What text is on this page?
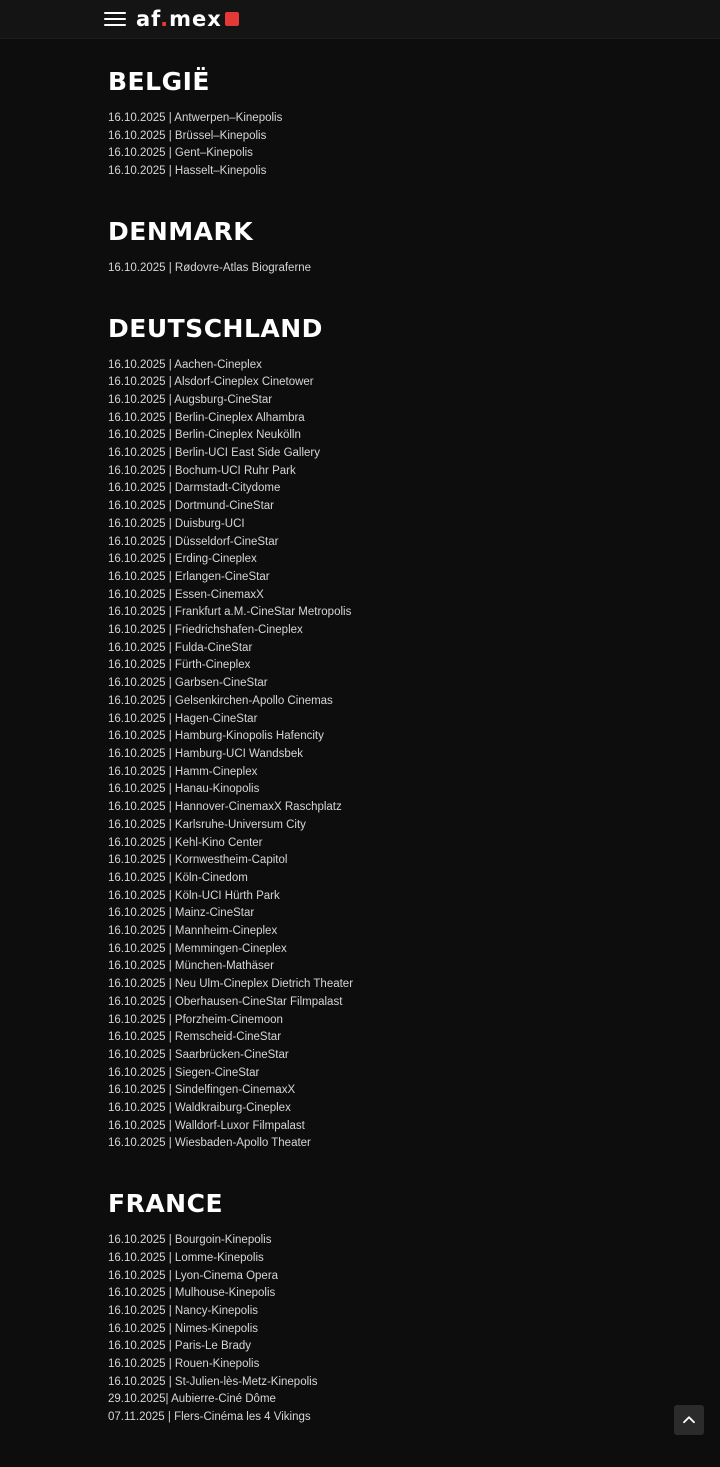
af.mex
BELGIË
16.10.2025 | Antwerpen–Kinepolis
16.10.2025 | Brüssel–Kinepolis
16.10.2025 | Gent–Kinepolis
16.10.2025 | Hasselt–Kinepolis
DENMARK
16.10.2025 | Rødovre-Atlas Biograferne
DEUTSCHLAND
16.10.2025 | Aachen-Cineplex
16.10.2025 | Alsdorf-Cineplex Cinetower
16.10.2025 | Augsburg-CineStar
16.10.2025 | Berlin-Cineplex Alhambra
16.10.2025 | Berlin-Cineplex Neukölln
16.10.2025 | Berlin-UCI East Side Gallery
16.10.2025 | Bochum-UCI Ruhr Park
16.10.2025 | Darmstadt-Citydome
16.10.2025 | Dortmund-CineStar
16.10.2025 | Duisburg-UCI
16.10.2025 | Düsseldorf-CineStar
16.10.2025 | Erding-Cineplex
16.10.2025 | Erlangen-CineStar
16.10.2025 | Essen-CinemaxX
16.10.2025 | Frankfurt a.M.-CineStar Metropolis
16.10.2025 | Friedrichshafen-Cineplex
16.10.2025 | Fulda-CineStar
16.10.2025 | Fürth-Cineplex
16.10.2025 | Garbsen-CineStar
16.10.2025 | Gelsenkirchen-Apollo Cinemas
16.10.2025 | Hagen-CineStar
16.10.2025 | Hamburg-Kinopolis Hafencity
16.10.2025 | Hamburg-UCI Wandsbek
16.10.2025 | Hamm-Cineplex
16.10.2025 | Hanau-Kinopolis
16.10.2025 | Hannover-CinemaxX Raschplatz
16.10.2025 | Karlsruhe-Universum City
16.10.2025 | Kehl-Kino Center
16.10.2025 | Kornwestheim-Capitol
16.10.2025 | Köln-Cinedom
16.10.2025 | Köln-UCI Hürth Park
16.10.2025 | Mainz-CineStar
16.10.2025 | Mannheim-Cineplex
16.10.2025 | Memmingen-Cineplex
16.10.2025 | München-Mathäser
16.10.2025 | Neu Ulm-Cineplex Dietrich Theater
16.10.2025 | Oberhausen-CineStar Filmpalast
16.10.2025 | Pforzheim-Cinemoon
16.10.2025 | Remscheid-CineStar
16.10.2025 | Saarbrücken-CineStar
16.10.2025 | Siegen-CineStar
16.10.2025 | Sindelfingen-CinemaxX
16.10.2025 | Waldkraiburg-Cineplex
16.10.2025 | Walldorf-Luxor Filmpalast
16.10.2025 | Wiesbaden-Apollo Theater
FRANCE
16.10.2025 | Bourgoin-Kinepolis
16.10.2025 | Lomme-Kinepolis
16.10.2025 | Lyon-Cinema Opera
16.10.2025 | Mulhouse-Kinepolis
16.10.2025 | Nancy-Kinepolis
16.10.2025 | Nimes-Kinepolis
16.10.2025 | Paris-Le Brady
16.10.2025 | Rouen-Kinepolis
16.10.2025 | St-Julien-lès-Metz-Kinepolis
29.10.2025| Aubierre-Ciné Dôme
07.11.2025 | Flers-Cinéma les 4 Vikings
